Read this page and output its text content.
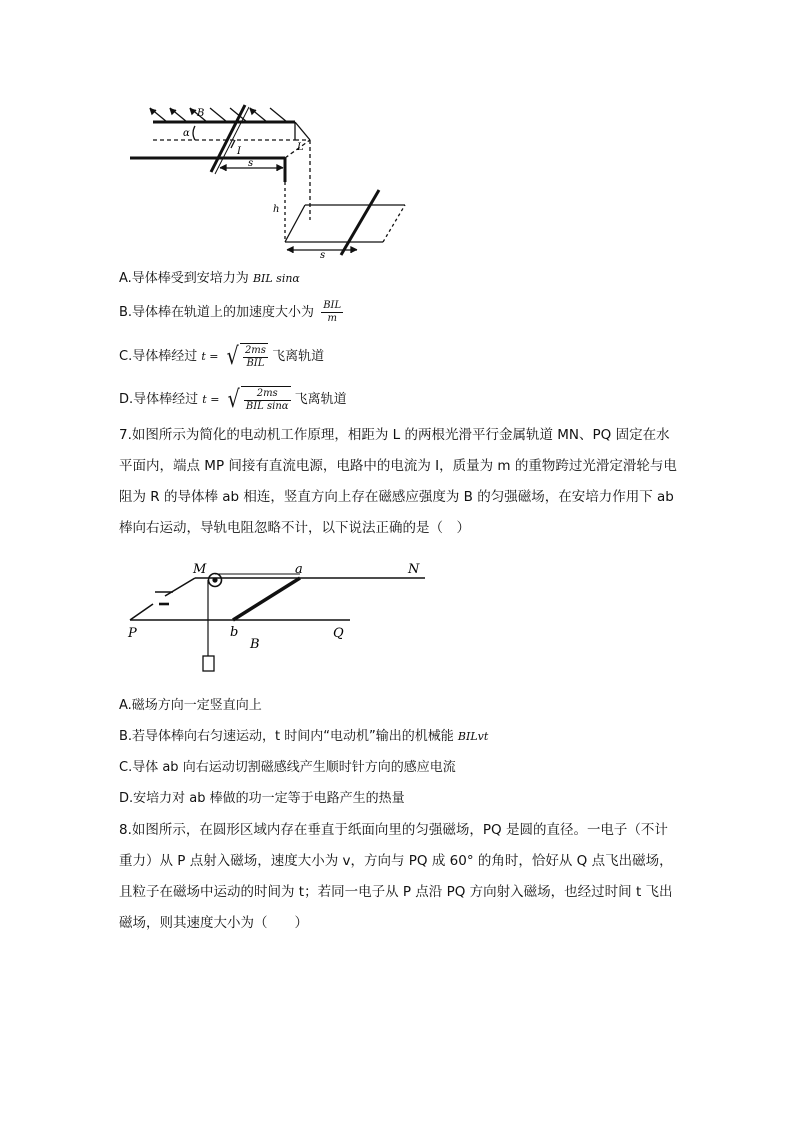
B
α
I	L
s
h
s
A.导体棒受到安培力为 BIL sinα
B.导体棒在轨道上的加速度大小为 $\frac{\text{BIL}}{m}$
C.导体棒经过 t = √ $\frac{2ms}{\text{BIL}}$ 飞离轨道
D.导体棒经过 t = √ $\frac{2ms}{\text{BIL sinα}}$ 飞离轨道
7.如图所示为简化的电动机工作原理，相距为 L 的两根光滑平行金属轨道 MN、PQ 固定在水平面内，端点 MP 间接有直流电源，电路中的电流为 I，质量为 m 的重物跨过光滑定滑轮与电阻为 R 的导体棒 ab 相连，竖直方向上存在磁感应强度为 B 的匀强磁场，在安培力作用下 ab 棒向右运动，导轨电阻忽略不计，以下说法正确的是（　）
M	a	N
P	b
B
Q
A.磁场方向一定竖直向上
B.若导体棒向右匀速运动，t 时间内“电动机”输出的机械能 BILvt
C.导体 ab 向右运动切割磁感线产生顺时针方向的感应电流
D.安培力对 ab 棒做的功一定等于电路产生的热量
8.如图所示，在圆形区域内存在垂直于纸面向里的匀强磁场，PQ 是圆的直径。一电子（不计重力）从 P 点射入磁场，速度大小为 v，方向与 PQ 成 60° 的角时，恰好从 Q 点飞出磁场，且粒子在磁场中运动的时间为 t；若同一电子从 P 点沿 PQ 方向射入磁场，也经过时间 t 飞出磁场，则其速度大小为（　　）
